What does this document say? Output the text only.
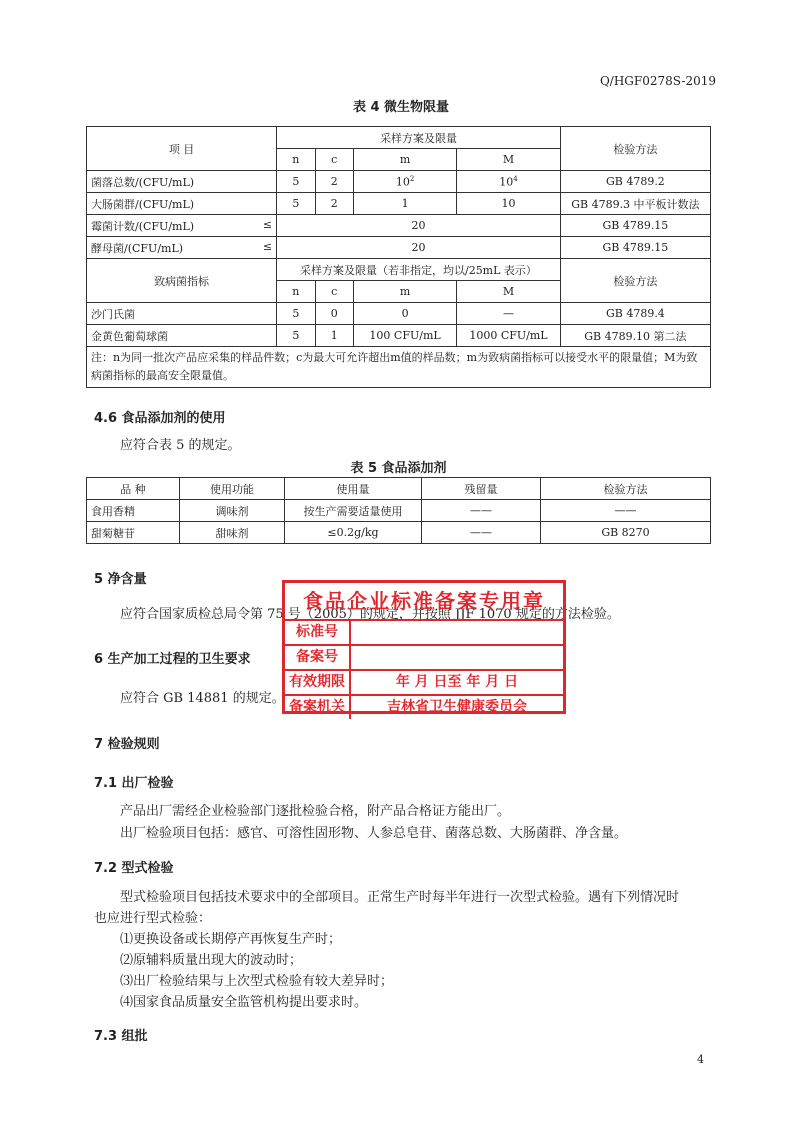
Q/HGF0278S-2019
表 4 微生物限量
项 目	采样方案及限量				检验方法
	n	c	m	M	
菌落总数/(CFU/mL)	5	2	$10^2$	$10^4$	GB 4789.2
大肠菌群/(CFU/mL)	5	2	1	10	GB 4789.3 中平板计数法
霉菌计数/(CFU/mL) ≤	20				GB 4789.15
酵母菌/(CFU/mL) ≤	20				GB 4789.15
致病菌指标	采样方案及限量（若非指定，均以/25mL 表示）				检验方法
	n	c	m	M	
沙门氏菌	5	0	0	—	GB 4789.4
金黄色葡萄球菌	5	1	100 CFU/mL	1000 CFU/mL	GB 4789.10 第二法
注：n为同一批次产品应采集的样品件数；c为最大可允许超出m值的样品数；m为致病菌指标可以接受水平的限量值；M为致病菌指标的最高安全限量值。					
4.6 食品添加剂的使用
应符合表 5 的规定。
表 5 食品添加剂
品 种	使用功能	使用量	残留量	检验方法
食用香精	调味剂	按生产需要适量使用	——	——
甜菊糖苷	甜味剂	≤0.2g/kg	——	GB 8270
5 净含量
应符合国家质检总局令第 75 号（2005）的规定，并按照 JJF 1070 规定的方法检验。
6 生产加工过程的卫生要求
应符合 GB 14881 的规定。
7 检验规则
7.1 出厂检验
产品出厂需经企业检验部门逐批检验合格，附产品合格证方能出厂。
出厂检验项目包括：感官、可溶性固形物、人参总皂苷、菌落总数、大肠菌群、净含量。
7.2 型式检验
型式检验项目包括技术要求中的全部项目。正常生产时每半年进行一次型式检验。遇有下列情况时
也应进行型式检验：
⑴更换设备或长期停产再恢复生产时；
⑵原辅料质量出现大的波动时；
⑶出厂检验结果与上次型式检验有较大差异时；
⑷国家食品质量安全监管机构提出要求时。
7.3 组批
食品企业标准备案专用章
标准号
备案号
有效期限	年 月 日至 年 月 日
备案机关	吉林省卫生健康委员会
4
